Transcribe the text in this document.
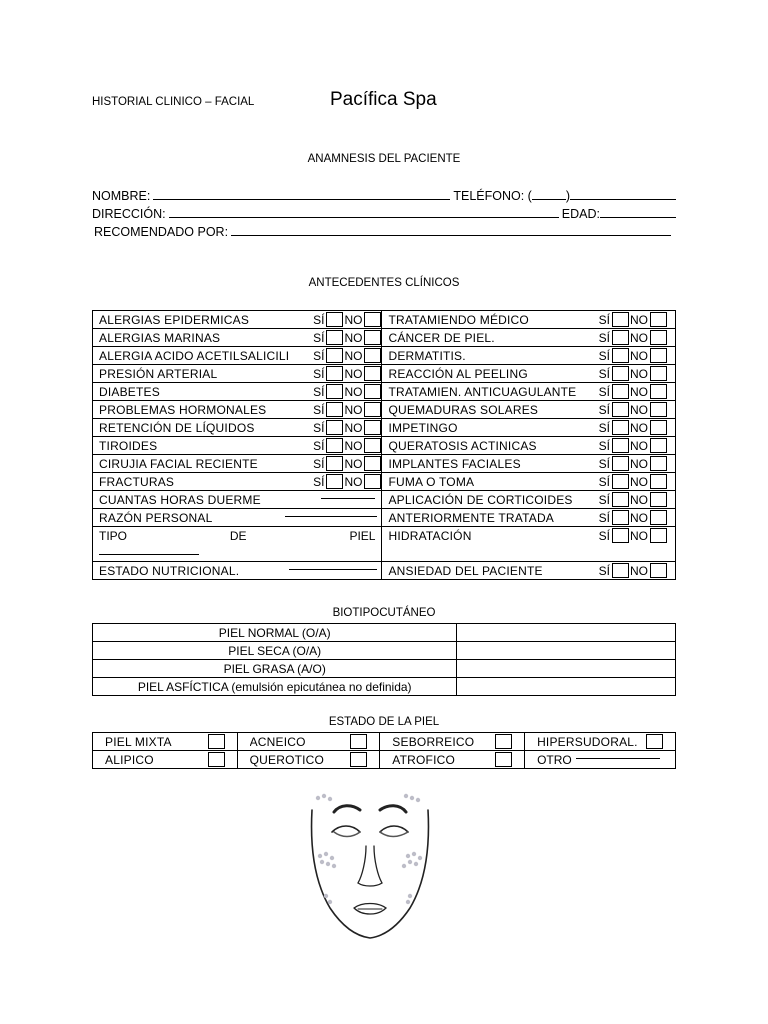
HISTORIAL CLINICO – FACIAL	Pacífica Spa
ANAMNESIS DEL PACIENTE
NOMBRE:	TELÉFONO: (	)
DIRECCIÓN:	EDAD:
RECOMENDADO POR:
ANTECEDENTES CLÍNICOS
ALERGIAS EPIDERMICAS SÍ NO	TRATAMIENDO MÉDICO SÍ NO

ALERGIAS MARINAS SÍ NO	CÁNCER DE PIEL. SÍ NO

ALERGIA ACIDO ACETILSALICILI SÍ NO	DERMATITIS. SÍ NO

PRESIÓN ARTERIAL SÍ NO	REACCIÓN AL PEELING SÍ NO

DIABETES SÍ NO	TRATAMIEN. ANTICUAGULANTE SÍ NO

PROBLEMAS HORMONALES SÍ NO	QUEMADURAS SOLARES SÍ NO

RETENCIÓN DE LÍQUIDOS SÍ NO	IMPETINGO SÍ NO

TIROIDES SÍ NO	QUERATOSIS ACTINICAS SÍ NO

CIRUJIA FACIAL RECIENTE SÍ NO	IMPLANTES FACIALES SÍ NO

FRACTURAS SÍ NO	FUMA O TOMA SÍ NO

CUANTAS HORAS DUERME	APLICACIÓN DE CORTICOIDES SÍ NO

RAZÓN PERSONAL	ANTERIORMENTE TRATADA SÍ NO

TIPO DE PIEL	HIDRATACIÓN SÍ NO

ESTADO NUTRICIONAL.	ANSIEDAD DEL PACIENTE SÍ NO
BIOTIPOCUTÁNEO
PIEL NORMAL (O/A)	
PIEL SECA (O/A)	
PIEL GRASA (A/O)	
PIEL ASFÍCTICA (emulsión epicutánea no definida)	
ESTADO DE LA PIEL
PIEL MIXTA	ACNEICO	SEBORREICO	HIPERSUDORAL.

ALIPICO	QUEROTICO	ATROFICO	OTRO
